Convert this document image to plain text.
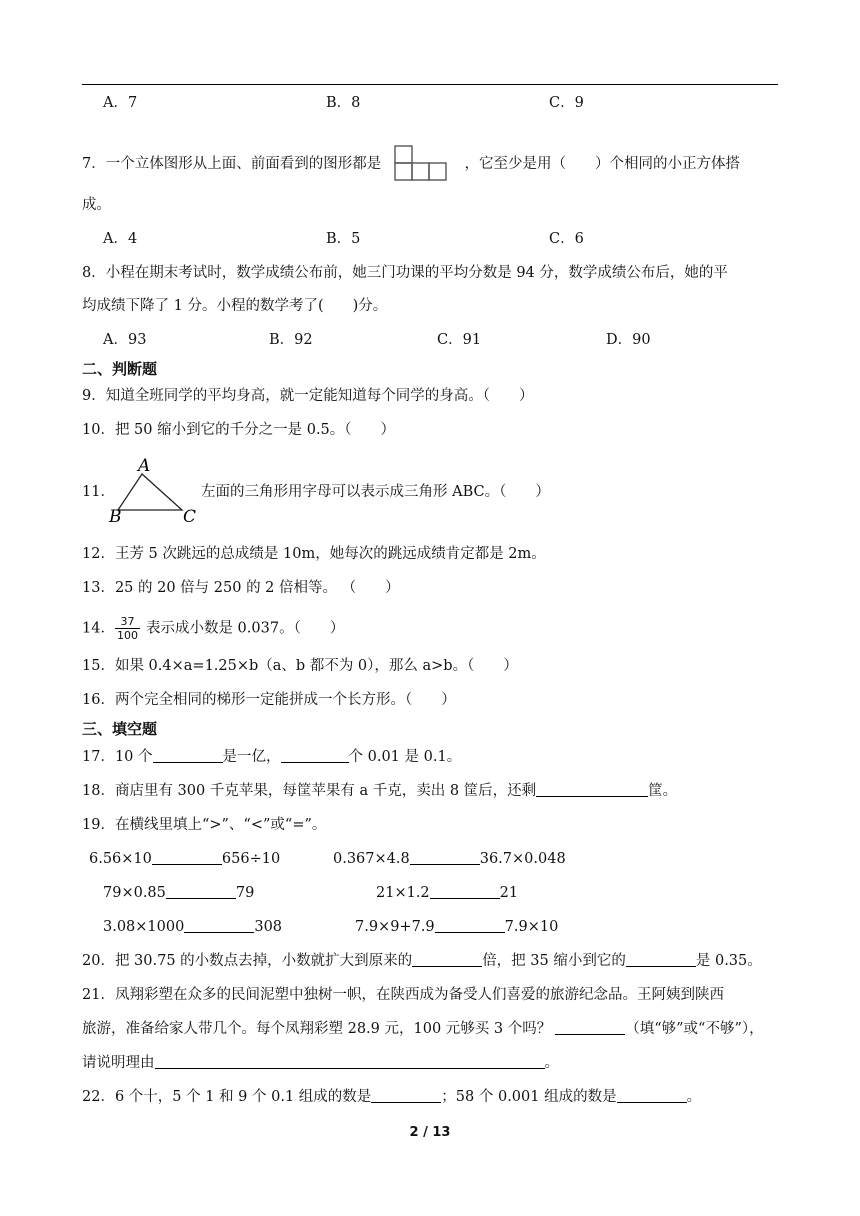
A．7	B．8	C．9
7．一个立体图形从上面、前面看到的图形都是	，它至少是用（　　）个相同的小正方体搭
成。
A．4	B．5	C．6
8．小程在期末考试时，数学成绩公布前，她三门功课的平均分数是 94 分，数学成绩公布后，她的平
均成绩下降了 1 分。小程的数学考了(　　)分。
A．93	B．92	C．91	D．90
二、判断题
9．知道全班同学的平均身高，就一定能知道每个同学的身高。（　　）
10．把 50 缩小到它的千分之一是 0.5。（　　）
11．
A
B	C
左面的三角形用字母可以表示成三角形 ABC。（　　）
12．王芳 5 次跳远的总成绩是 10m，她每次的跳远成绩肯定都是 2m。
13．25 的 20 倍与 250 的 2 倍相等。 （　　）
14． $\frac{37}{100}$ 表示成小数是 0.037。（　　）
15．如果 0.4×a=1.25×b（a、b 都不为 0），那么 a>b。（　　）
16．两个完全相同的梯形一定能拼成一个长方形。（　　）
三、填空题
17．10 个	是一亿，	个 0.01 是 0.1。
18．商店里有 300 千克苹果，每筐苹果有 a 千克，卖出 8 筐后，还剩	筐。
19．在横线里填上“>”、“<”或“=”。
6.56×10	656÷10	0.367×4.8	36.7×0.048
79×0.85	79	21×1.2	21
3.08×1000	308	7.9×9+7.9	7.9×10
20．把 30.75 的小数点去掉，小数就扩大到原来的	倍，把 35 缩小到它的	是 0.35。
21．凤翔彩塑在众多的民间泥塑中独树一帜，在陕西成为备受人们喜爱的旅游纪念品。王阿姨到陕西
旅游，准备给家人带几个。每个凤翔彩塑 28.9 元，100 元够买 3 个吗？	（填“够”或“不够”），
请说明理由	。
22．6 个十，5 个 1 和 9 个 0.1 组成的数是	；58 个 0.001 组成的数是	。
2 / 13
